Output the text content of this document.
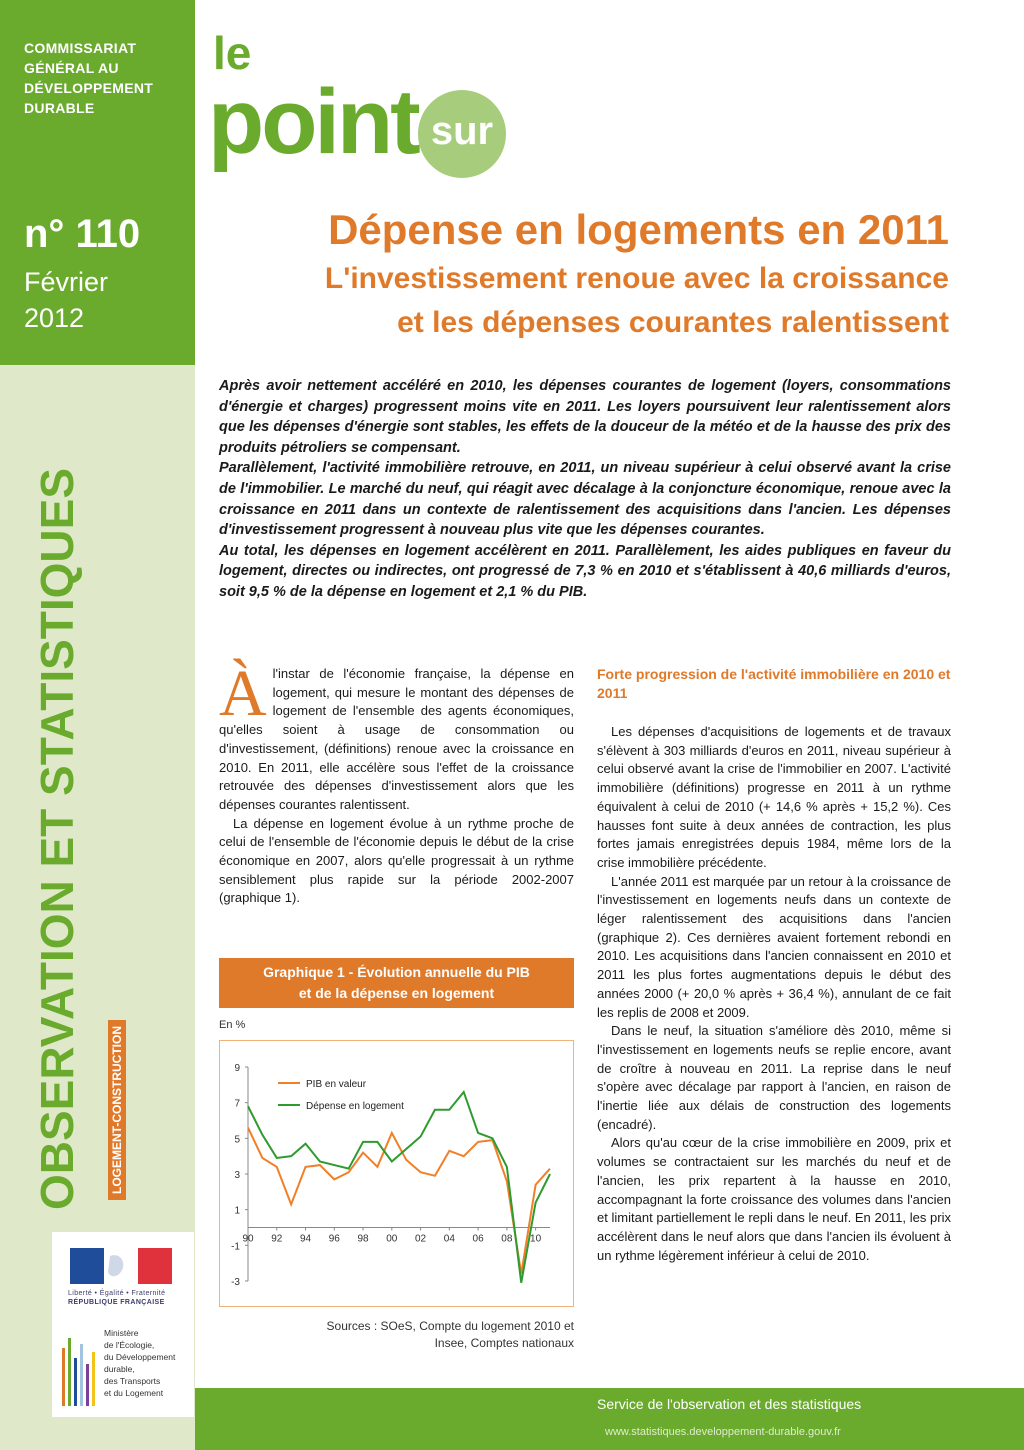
COMMISSARIAT
GÉNÉRAL AU
DÉVELOPPEMENT
DURABLE
n° 110
Février
2012
OBSERVATION ET STATISTIQUES LOGEMENT-CONSTRUCTION
Liberté • Égalité • Fraternité
RÉPUBLIQUE FRANÇAISE
Ministère
de l'Écologie,
du Développement
durable,
des Transports
et du Logement
le
point sur
Dépense en logements en 2011
L'investissement renoue avec la croissance
et les dépenses courantes ralentissent

Après avoir nettement accéléré en 2010, les dépenses courantes de logement (loyers, consommations d'énergie et charges) progressent moins vite en 2011. Les loyers poursuivent leur ralentissement alors que les dépenses d'énergie sont stables, les effets de la douceur de la météo et de la hausse des prix des produits pétroliers se compensant.

Parallèlement, l'activité immobilière retrouve, en 2011, un niveau supérieur à celui observé avant la crise de l'immobilier. Le marché du neuf, qui réagit avec décalage à la conjoncture économique, renoue avec la croissance en 2011 dans un contexte de ralentissement des acquisitions dans l'ancien. Les dépenses d'investissement progressent à nouveau plus vite que les dépenses courantes.

Au total, les dépenses en logement accélèrent en 2011. Parallèlement, les aides publiques en faveur du logement, directes ou indirectes, ont progressé de 7,3 % en 2010 et s'établissent à 40,6 milliards d'euros, soit 9,5 % de la dépense en logement et 2,1 % du PIB.

À l'instar de l'économie française, la dépense en logement, qui mesure le montant des dépenses de logement de l'ensemble des agents économiques, qu'elles soient à usage de consommation ou d'investissement, (définitions) renoue avec la croissance en 2010. En 2011, elle accélère sous l'effet de la croissance retrouvée des dépenses d'investissement alors que les dépenses courantes ralentissent.

La dépense en logement évolue à un rythme proche de celui de l'ensemble de l'économie depuis le début de la crise économique en 2007, alors qu'elle progressait à un rythme sensiblement plus rapide sur la période 2002-2007 (graphique 1).

Graphique 1 - Évolution annuelle du PIB
et de la dépense en logement
En %
-3
-1
1
3
5
7
9
90 92 94 96 98 00 02 04 06 08 10
PIB en valeur
Dépense en logement
Sources : SOeS, Compte du logement 2010 et
Insee, Comptes nationaux
Forte progression de l'activité immobilière en 2010 et 2011

Les dépenses d'acquisitions de logements et de travaux s'élèvent à 303 milliards d'euros en 2011, niveau supérieur à celui observé avant la crise de l'immobilier en 2007. L'activité immobilière (définitions) progresse en 2011 à un rythme équivalent à celui de 2010 (+ 14,6 % après + 15,2 %). Ces hausses font suite à deux années de contraction, les plus fortes jamais enregistrées depuis 1984, même lors de la crise immobilière précédente.

L'année 2011 est marquée par un retour à la croissance de l'investissement en logements neufs dans un contexte de léger ralentissement des acquisitions dans l'ancien (graphique 2). Ces dernières avaient fortement rebondi en 2010. Les acquisitions dans l'ancien connaissent en 2010 et 2011 les plus fortes augmentations depuis le début des années 2000 (+ 20,0 % après + 36,4 %), annulant de ce fait les replis de 2008 et 2009.

Dans le neuf, la situation s'améliore dès 2010, même si l'investissement en logements neufs se replie encore, avant de croître à nouveau en 2011. La reprise dans le neuf s'opère avec décalage par rapport à l'ancien, en raison de l'inertie liée aux délais de construction des logements (encadré).

Alors qu'au cœur de la crise immobilière en 2009, prix et volumes se contractaient sur les marchés du neuf et de l'ancien, les prix repartent à la hausse en 2010, accompagnant la forte croissance des volumes dans l'ancien et limitant partiellement le repli dans le neuf. En 2011, les prix accélèrent dans le neuf alors que dans l'ancien ils évoluent à un rythme légèrement inférieur à celui de 2010.

Service de l'observation et des statistiques
www.statistiques.developpement-durable.gouv.fr
